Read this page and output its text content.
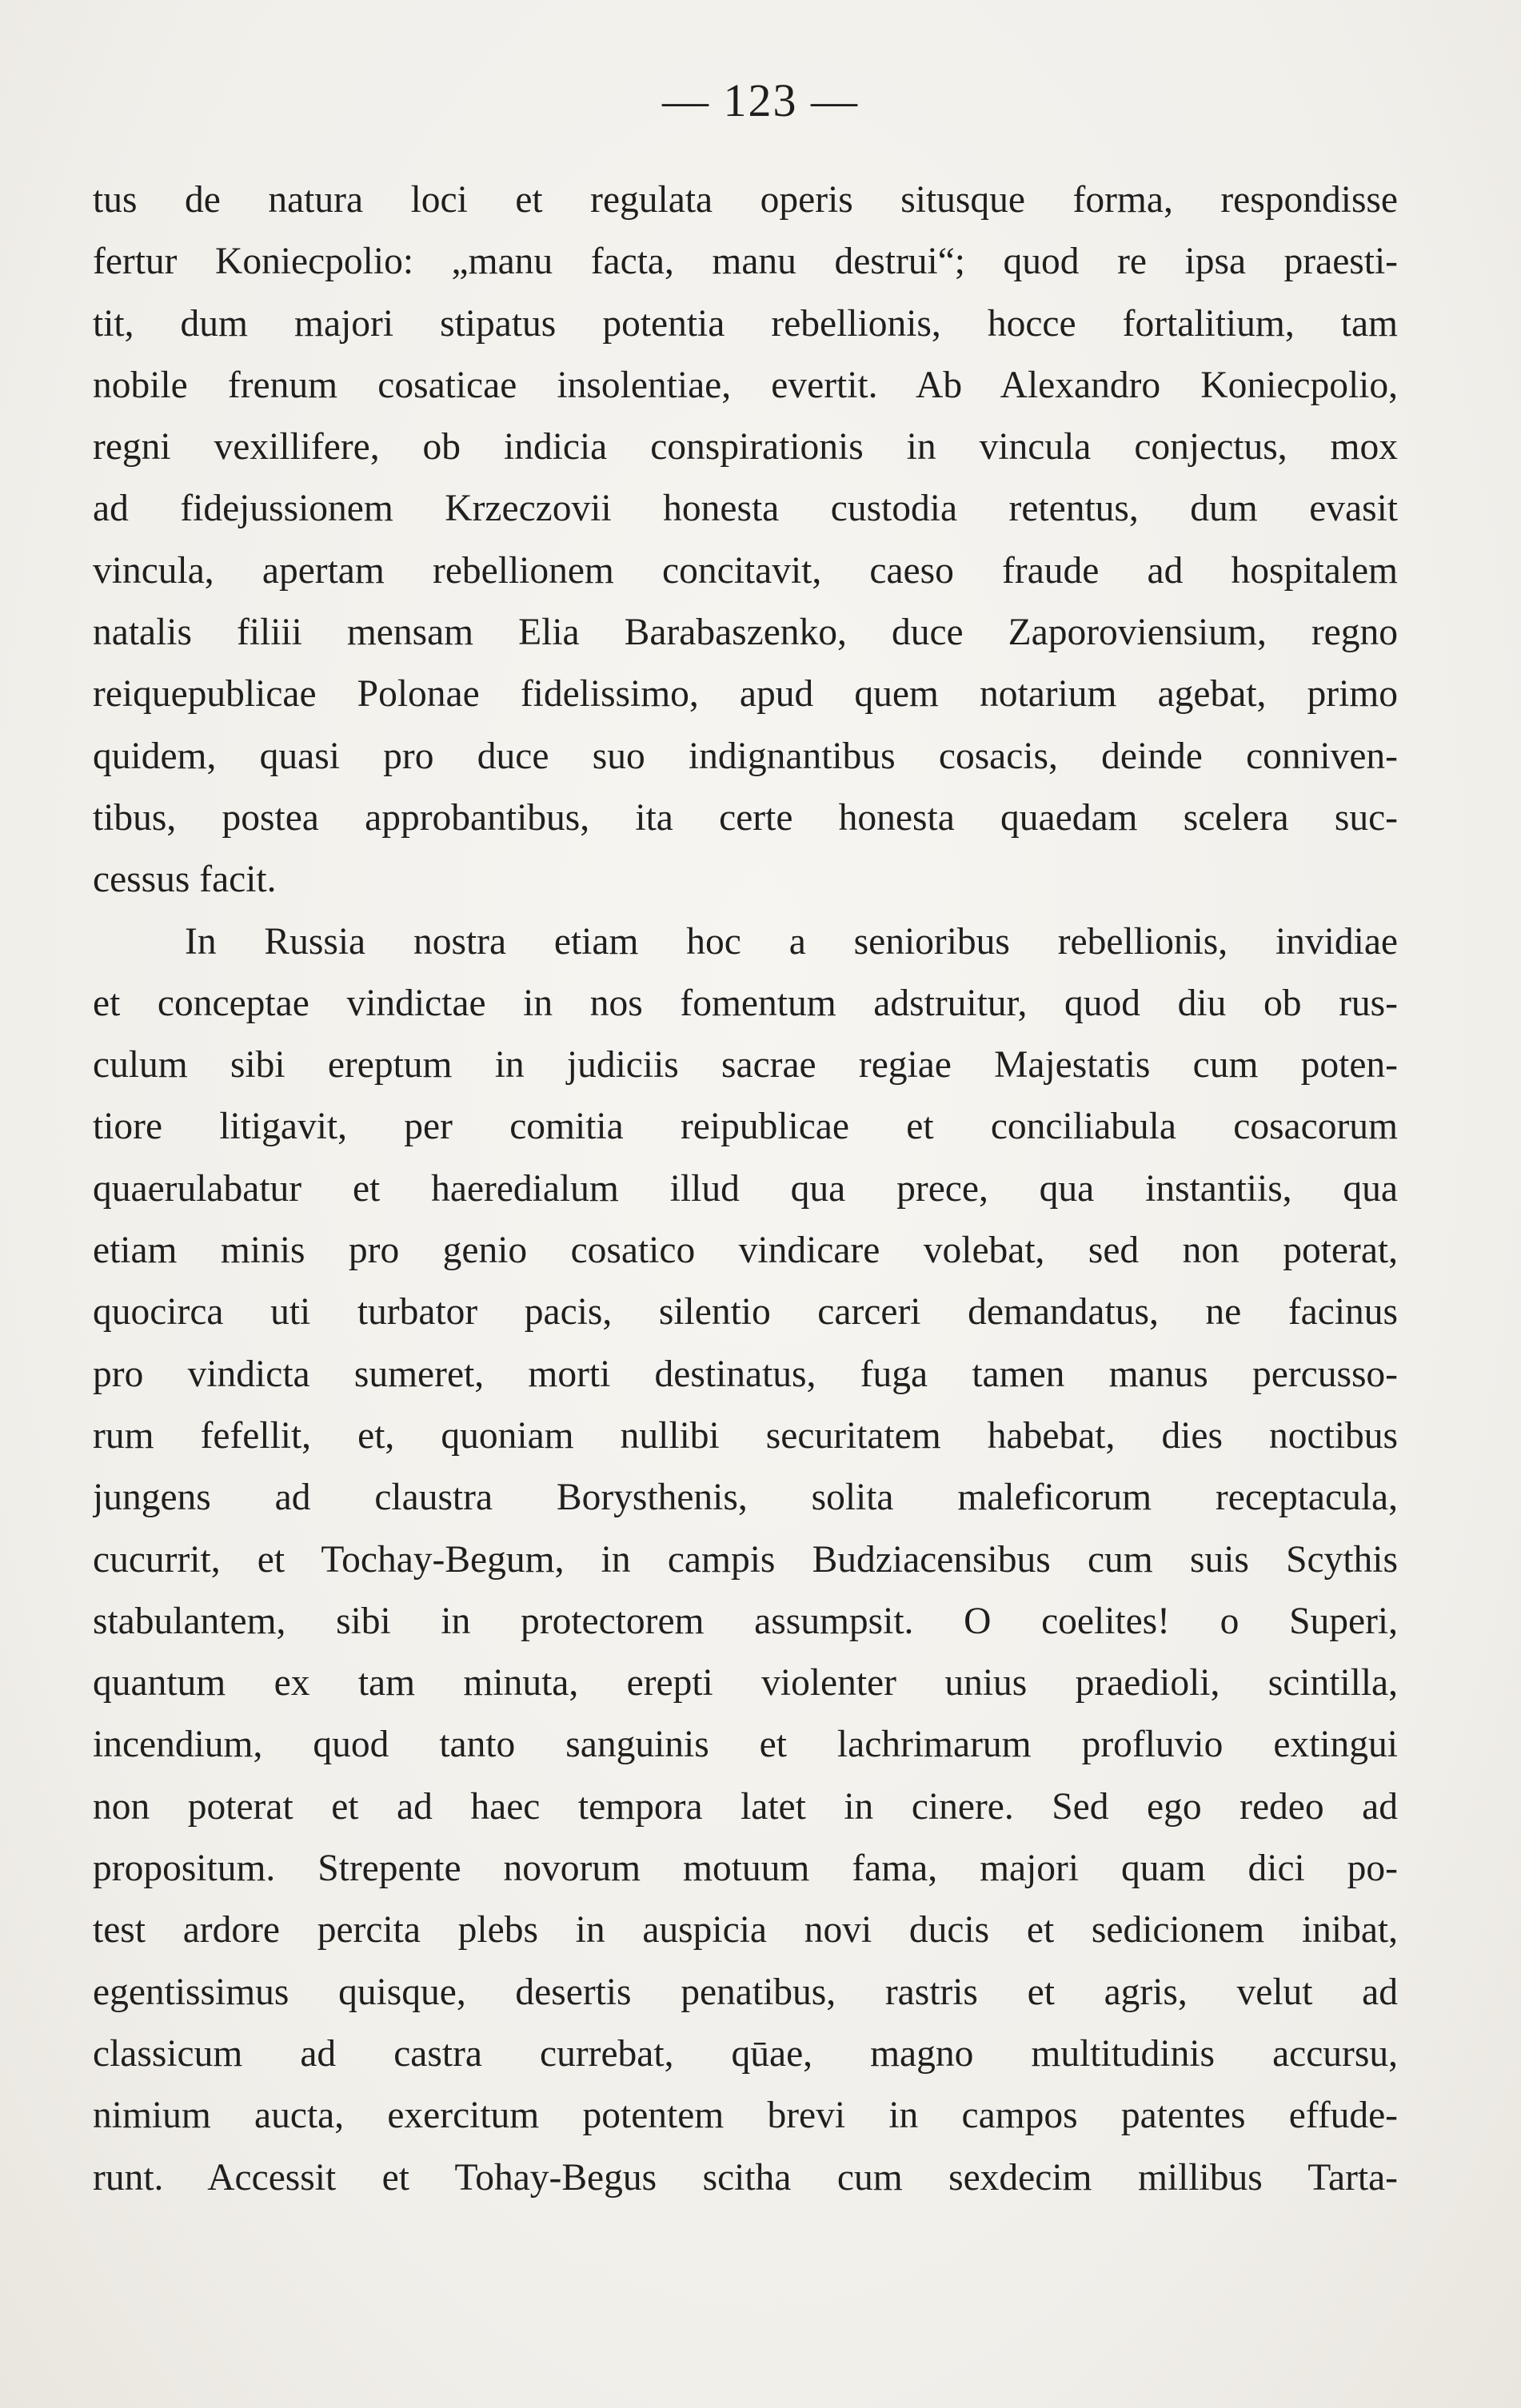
— 123 —
tus de natura loci et regulata operis situsque forma, respondisse
fertur Koniecpolio: „manu facta, manu destrui“; quod re ipsa praesti-
tit, dum majori stipatus potentia rebellionis, hocce fortalitium, tam
nobile frenum cosaticae insolentiae, evertit. Ab Alexandro Koniecpolio,
regni vexillifere, ob indicia conspirationis in vincula conjectus, mox
ad fidejussionem Krzeczovii honesta custodia retentus, dum evasit
vincula, apertam rebellionem concitavit, caeso fraude ad hospitalem
natalis filiii mensam Elia Barabaszenko, duce Zaporoviensium, regno
reiquepublicae Polonae fidelissimo, apud quem notarium agebat, primo
quidem, quasi pro duce suo indignantibus cosacis, deinde conniven-
tibus, postea approbantibus, ita certe honesta quaedam scelera suc-
cessus facit.
In Russia nostra etiam hoc a senioribus rebellionis, invidiae
et conceptae vindictae in nos fomentum adstruitur, quod diu ob rus-
culum sibi ereptum in judiciis sacrae regiae Majestatis cum poten-
tiore litigavit, per comitia reipublicae et conciliabula cosacorum
quaerulabatur et haeredialum illud qua prece, qua instantiis, qua
etiam minis pro genio cosatico vindicare volebat, sed non poterat,
quocirca uti turbator pacis, silentio carceri demandatus, ne facinus
pro vindicta sumeret, morti destinatus, fuga tamen manus percusso-
rum fefellit, et, quoniam nullibi securitatem habebat, dies noctibus
jungens ad claustra Borysthenis, solita maleficorum receptacula,
cucurrit, et Tochay-Begum, in campis Budziacensibus cum suis Scythis
stabulantem, sibi in protectorem assumpsit. O coelites! o Superi,
quantum ex tam minuta, erepti violenter unius praedioli, scintilla,
incendium, quod tanto sanguinis et lachrimarum profluvio extingui
non poterat et ad haec tempora latet in cinere. Sed ego redeo ad
propositum. Strepente novorum motuum fama, majori quam dici po-
test ardore percita plebs in auspicia novi ducis et sedicionem inibat,
egentissimus quisque, desertis penatibus, rastris et agris, velut ad
classicum ad castra currebat, qūae, magno multitudinis accursu,
nimium aucta, exercitum potentem brevi in campos patentes effude-
runt. Accessit et Tohay-Begus scitha cum sexdecim millibus Tarta-
